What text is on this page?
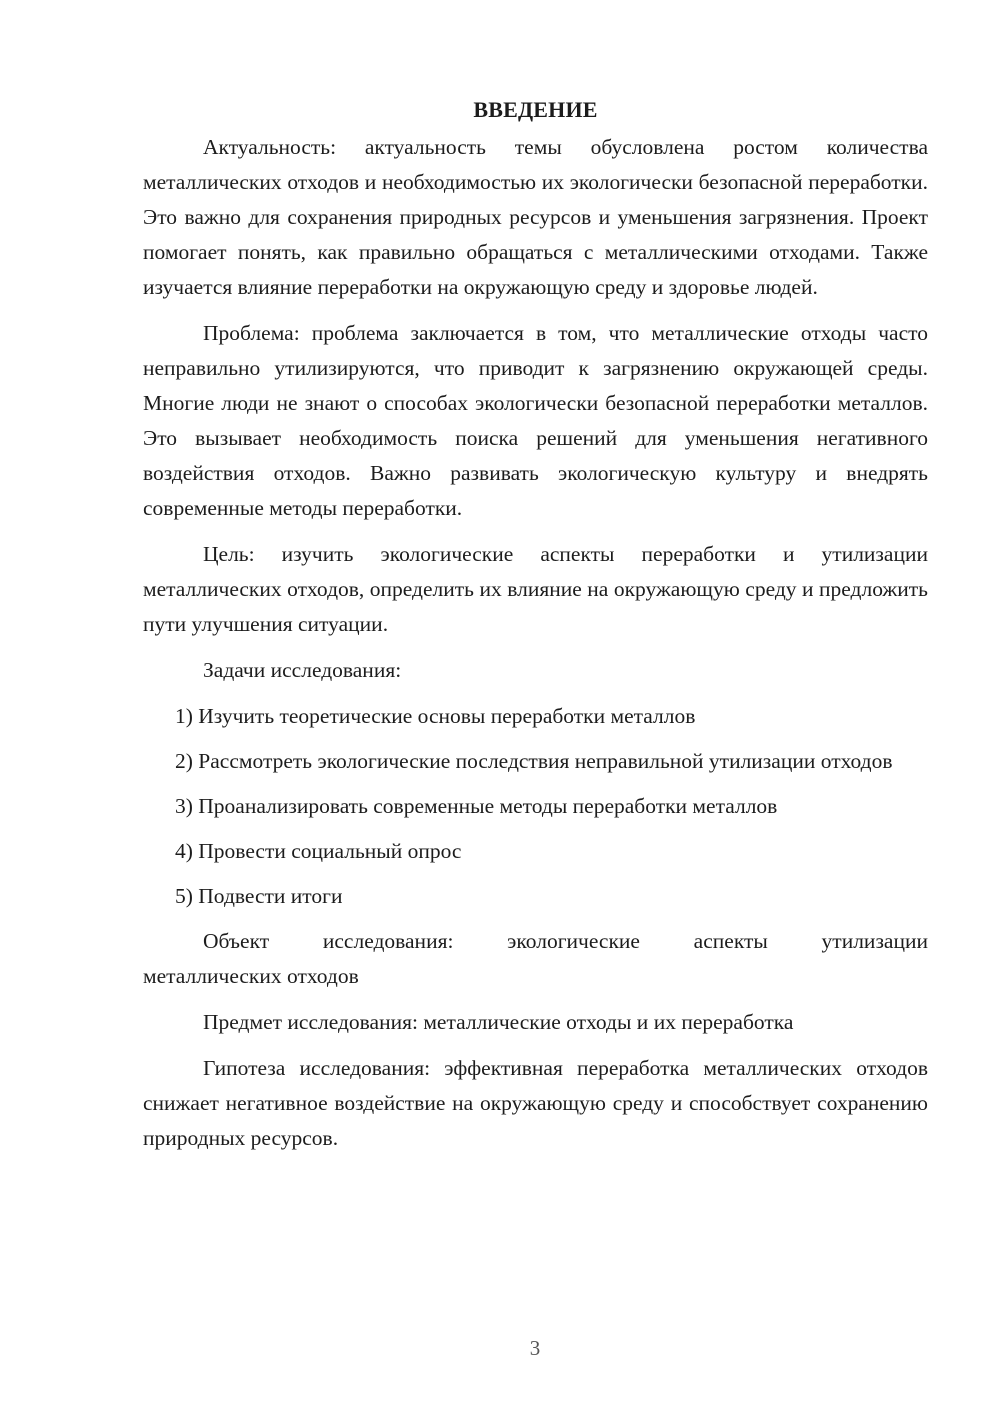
ВВЕДЕНИЕ

Актуальность: актуальность темы обусловлена ростом количества металлических отходов и необходимостью их экологически безопасной переработки. Это важно для сохранения природных ресурсов и уменьшения загрязнения. Проект помогает понять, как правильно обращаться с металлическими отходами. Также изучается влияние переработки на окружающую среду и здоровье людей.

Проблема: проблема заключается в том, что металлические отходы часто неправильно утилизируются, что приводит к загрязнению окружающей среды. Многие люди не знают о способах экологически безопасной переработки металлов. Это вызывает необходимость поиска решений для уменьшения негативного воздействия отходов. Важно развивать экологическую культуру и внедрять современные методы переработки.

Цель: изучить экологические аспекты переработки и утилизации металлических отходов, определить их влияние на окружающую среду и предложить пути улучшения ситуации.

Задачи исследования:

1) Изучить теоретические основы переработки металлов

2) Рассмотреть экологические последствия неправильной утилизации отходов

3) Проанализировать современные методы переработки металлов

4) Провести социальный опрос

5) Подвести итоги

Объект исследования: экологические аспекты утилизации
металлических отходов

Предмет исследования: металлические отходы и их переработка

Гипотеза исследования: эффективная переработка металлических отходов снижает негативное воздействие на окружающую среду и способствует сохранению природных ресурсов.

3
